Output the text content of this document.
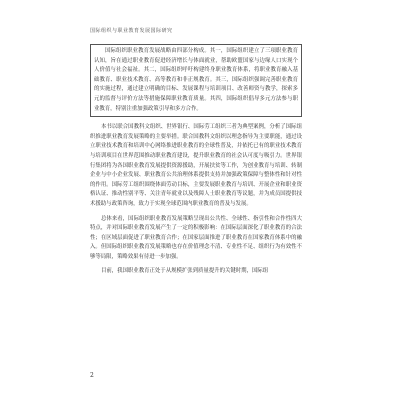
国际组织与职业教育发展国际研究

国际组织职业教育发展战略由四部分构成。其一，国际组织建立了三项职业教育认知，旨在通过职业教育促进经济增长与体面就业，帮助欧盟国家与边缘人口实现个人价值与社会福祉。其二，国际组织呼吁构建终身职业教育体系，将职业教育融入基础教育、职业技术教育、高等教育和非正规教育。其三，国际组织强调完善职业教育的实施过程，通过建立明确的目标、发展课程与培训项目、改善师资与教学，探索多元的监督与评价方法等措施保障职业教育质量。其四，国际组织倡导多元方法参与职业教育，特别注重加强政策引导和多方合作。

本书以联合国教科文组织、世界银行、国际劳工组织三者为典型案例，分析了国际组织推进职业教育发展策略的主要举措。联合国教科文组织以理念指导为主要职能，通过设立职业技术教育和培训中心网络推进职业教育的全球性普及，并依托已有的职业技术教育与培训项目在世界范围推动职业教育建设，提升职业教育的社会认可度与吸引力。世界银行集团将为各国职业教育发展提供资源援助，开展扶贫等工作，为创业教育与培训、转制企业与中小企业发展、职业教育公共治理体系提供支持并加强政策保障与整体性和针对性的作用。国际劳工组织围绕体面劳动目标，主要发展职业教育与培训、开展企业和职业资格认证、推动性别平等、关注青年就业以及残障人士职业教育等议题，并为成员国提供技术援助与政策咨询，致力于实现全球范围内职业教育的普及与发展。

总体来看，国际组织职业教育发展策略呈现出公共性、全球性、指引性和合作性四大特点，并对国际职业教育发展产生了一定的积极影响：在国际层面深化了职业教育的合法性；在区域层面促进了职业教育合作；在国家层面推进了职业教育在国家教育体系中的融入。但国际组织职业教育发展策略也存在价值理念不清、专业性不足、组织行为有效性不够等局限，策略效果有待进一步加强。

目前，我国职业教育正处于从规模扩张到质量提升的关键时期，国际组

2
